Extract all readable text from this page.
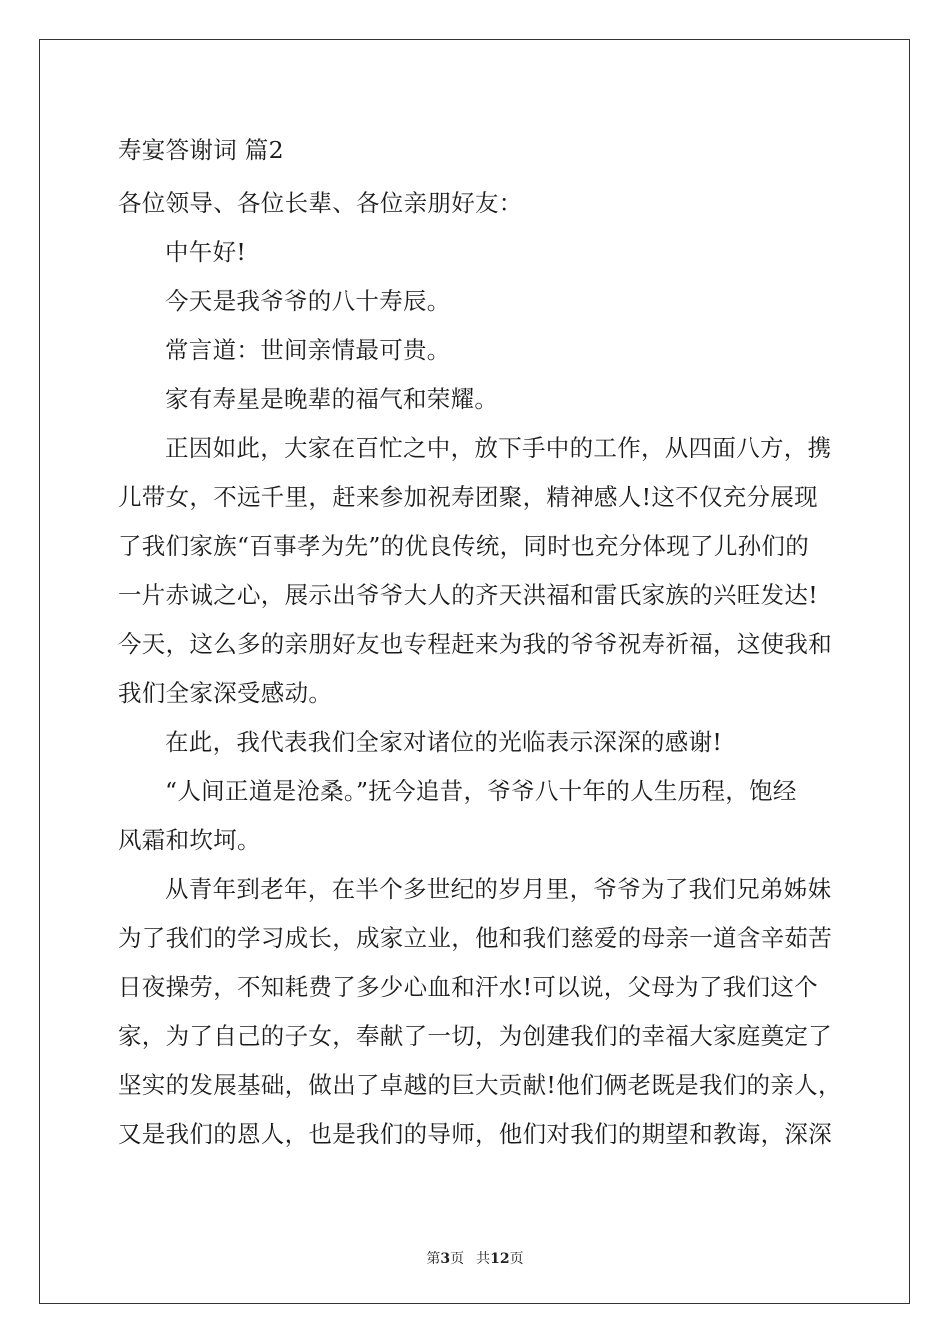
寿宴答谢词 篇2
各位领导、各位长辈、各位亲朋好友：
中午好!
今天是我爷爷的八十寿辰。
常言道：世间亲情最可贵。
家有寿星是晚辈的福气和荣耀。
正因如此，大家在百忙之中，放下手中的工作，从四面八方，携
儿带女，不远千里，赶来参加祝寿团聚，精神感人!这不仅充分展现
了我们家族“百事孝为先”的优良传统，同时也充分体现了儿孙们的
一片赤诚之心，展示出爷爷大人的齐天洪福和雷氏家族的兴旺发达!
今天，这么多的亲朋好友也专程赶来为我的爷爷祝寿祈福，这使我和
我们全家深受感动。
在此，我代表我们全家对诸位的光临表示深深的感谢!
“人间正道是沧桑。”抚今追昔，爷爷八十年的人生历程，饱经
风霜和坎坷。
从青年到老年，在半个多世纪的岁月里，爷爷为了我们兄弟姊妹
为了我们的学习成长，成家立业，他和我们慈爱的母亲一道含辛茹苦
日夜操劳，不知耗费了多少心血和汗水!可以说，父母为了我们这个
家，为了自己的子女，奉献了一切，为创建我们的幸福大家庭奠定了
坚实的发展基础，做出了卓越的巨大贡献!他们俩老既是我们的亲人，
又是我们的恩人，也是我们的导师，他们对我们的期望和教诲，深深
第3页 共12页
